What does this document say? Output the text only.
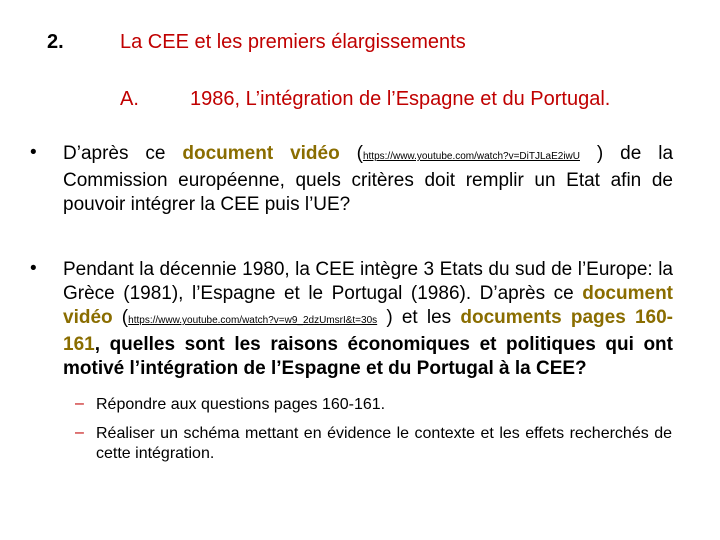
2.	La CEE et les premiers élargissements
A.	1986, L’intégration de l’Espagne et du Portugal.
• D’après ce document vidéo (https://www.youtube.com/watch?v=DiTJLaE2iwU ) de la Commission européenne, quels critères doit remplir un Etat afin de pouvoir intégrer la CEE puis l’UE?
• Pendant la décennie 1980, la CEE intègre 3 Etats du sud de l’Europe: la Grèce (1981), l’Espagne et le Portugal (1986). D’après ce document vidéo (https://www.youtube.com/watch?v=w9_2dzUmsrI&t=30s ) et les documents pages 160-161, quelles sont les raisons économiques et politiques qui ont motivé l’intégration de l’Espagne et du Portugal à la CEE?
– Répondre aux questions pages 160-161.
– Réaliser un schéma mettant en évidence le contexte et les effets recherchés de cette intégration.
